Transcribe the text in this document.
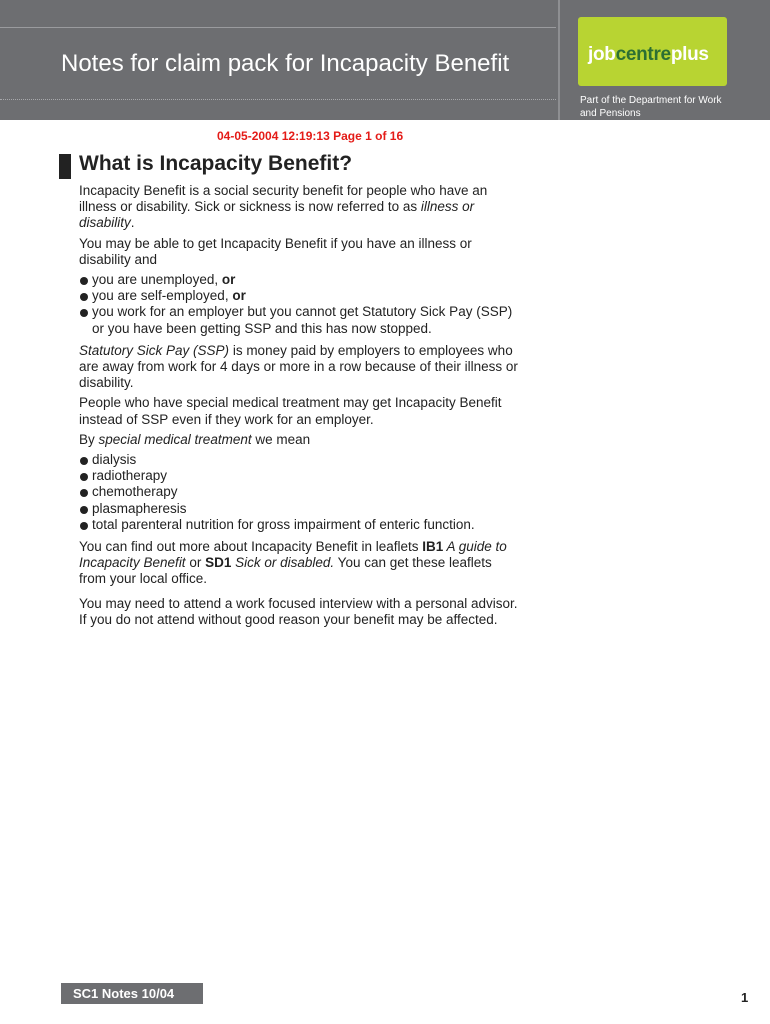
Notes for claim pack for Incapacity Benefit	jobcentreplus
Part of the Department for Work and Pensions
04-05-2004 12:19:13 Page 1 of 16
What is Incapacity Benefit?

Incapacity Benefit is a social security benefit for people who have an illness or disability. Sick or sickness is now referred to as illness or disability.

You may be able to get Incapacity Benefit if you have an illness or disability and

you are unemployed, or
you are self-employed, or
you work for an employer but you cannot get Statutory Sick Pay (SSP) or you have been getting SSP and this has now stopped.

Statutory Sick Pay (SSP) is money paid by employers to employees who are away from work for 4 days or more in a row because of their illness or disability.

People who have special medical treatment may get Incapacity Benefit instead of SSP even if they work for an employer.

By special medical treatment we mean

dialysis
radiotherapy
chemotherapy
plasmapheresis
total parenteral nutrition for gross impairment of enteric function.

You can find out more about Incapacity Benefit in leaflets IB1 A guide to Incapacity Benefit or SD1 Sick or disabled. You can get these leaflets from your local office.

You may need to attend a work focused interview with a personal advisor. If you do not attend without good reason your benefit may be affected.

SC1 Notes 10/04	1
